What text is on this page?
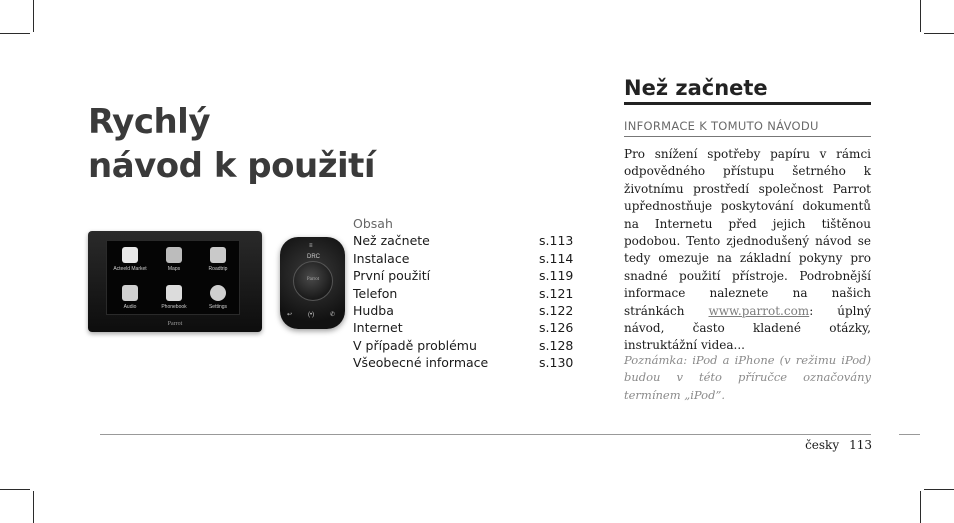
Rychlý
návod k použití
Acteeld Market	Maps	Roadtrip
Audio	Phonebook	Settings
Parrot
DRC
Parrot
↩	(•)	✆
≡
Obsah
Než začnete	s.113
Instalace	s.114
První použití	s.119
Telefon	s.121
Hudba	s.122
Internet	s.126
V případě problému	s.128
Všeobecné informace	s.130
Než začnete
INFORMACE K TOMUTO NÁVODU
Pro snížení spotřeby papíru v rámci odpovědného přístupu šetrného k životnímu prostředí společnost Parrot upřednostňuje poskytování dokumentů na Internetu před jejich tištěnou podobou. Tento zjednodušený návod se tedy omezuje na základní pokyny pro snadné použití přístroje. Podrobnější informace naleznete na našich stránkách www.parrot.com: úplný návod, často kladené otázky, instruktážní videa...
Poznámka: iPod a iPhone (v režimu iPod) budou v této příručce označovány termínem „iPod”.
česky 113
